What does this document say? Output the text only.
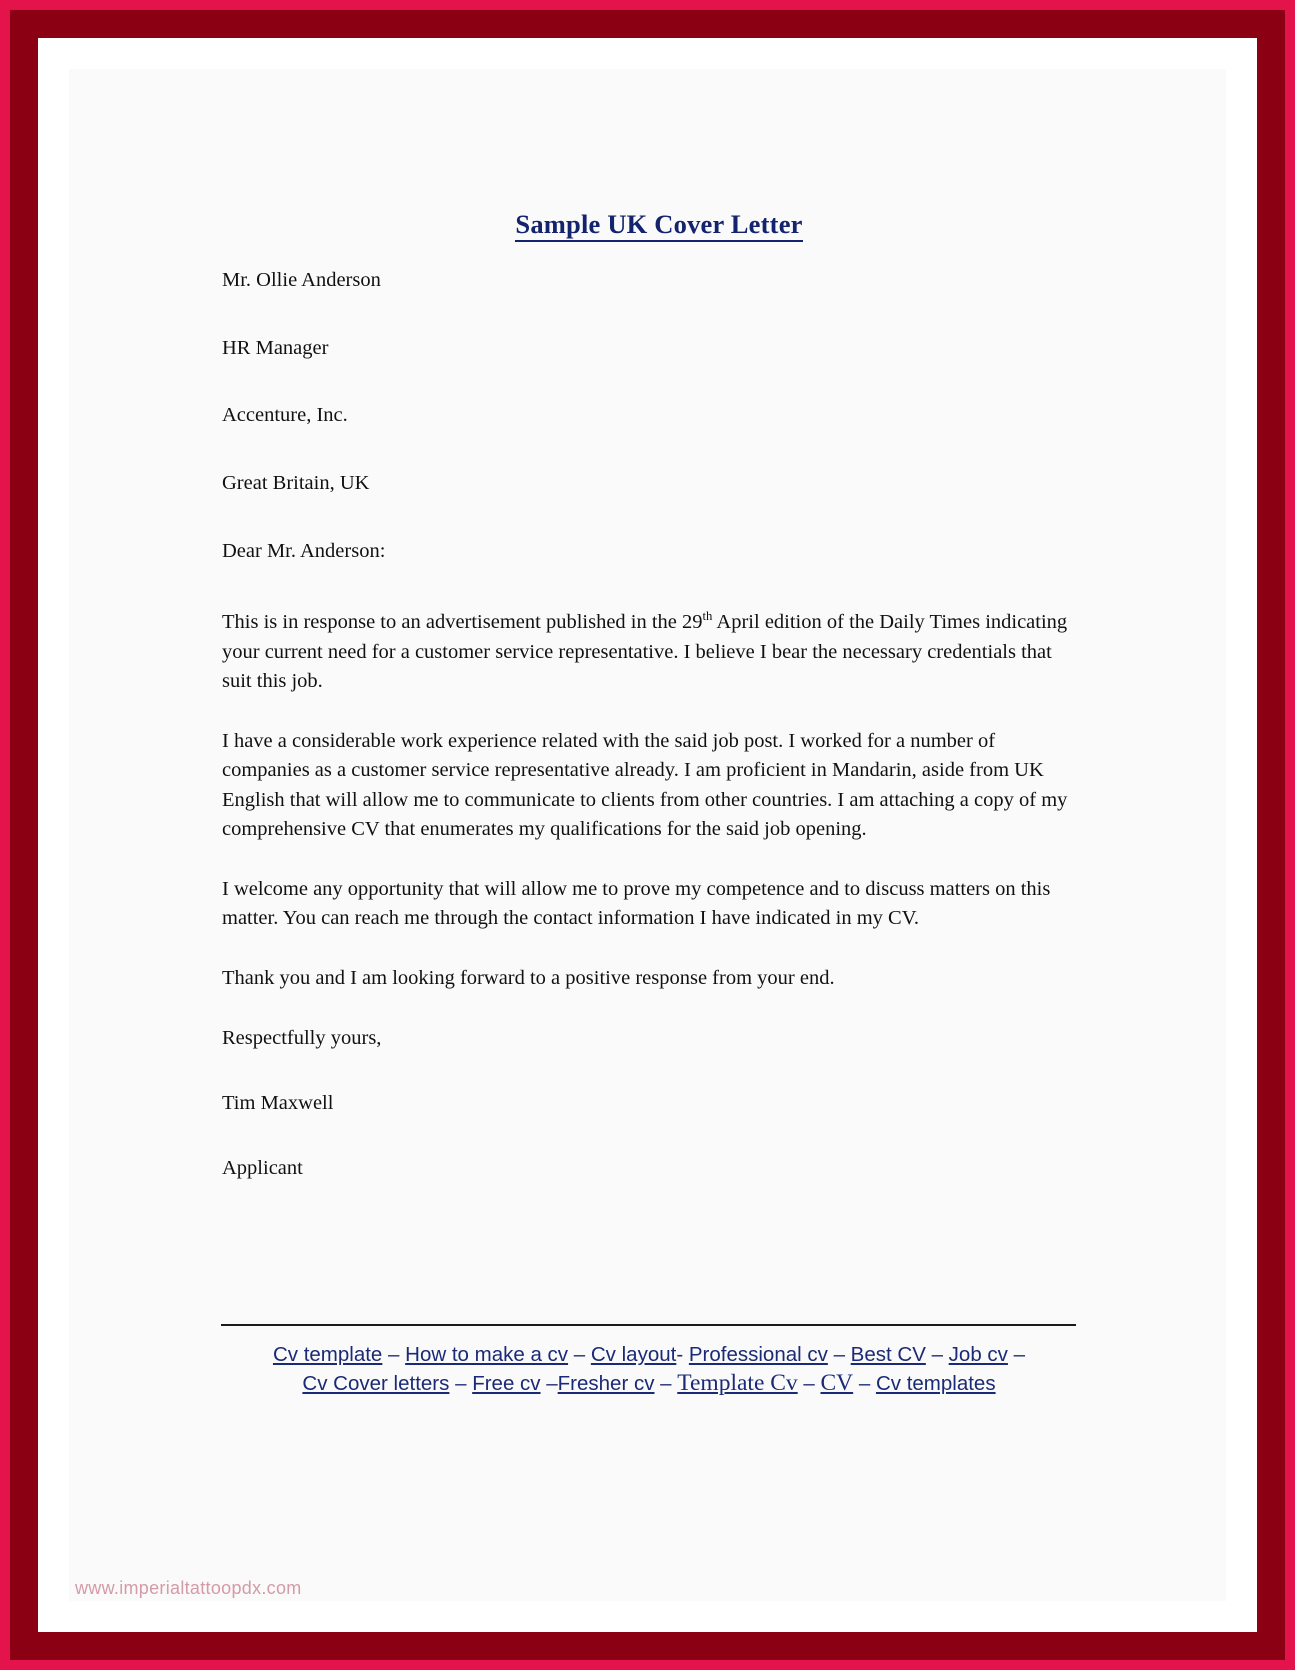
Sample UK Cover Letter

Mr. Ollie Anderson

HR Manager

Accenture, Inc.

Great Britain, UK

Dear Mr. Anderson:

This is in response to an advertisement published in the 29th April edition of the Daily Times indicating your current need for a customer service representative. I believe I bear the necessary credentials that suit this job.

I have a considerable work experience related with the said job post. I worked for a number of companies as a customer service representative already. I am proficient in Mandarin, aside from UK English that will allow me to communicate to clients from other countries. I am attaching a copy of my comprehensive CV that enumerates my qualifications for the said job opening.

I welcome any opportunity that will allow me to prove my competence and to discuss matters on this matter. You can reach me through the contact information I have indicated in my CV.

Thank you and I am looking forward to a positive response from your end.

Respectfully yours,

Tim Maxwell

Applicant

Cv template – How to make a cv – Cv layout- Professional cv – Best CV – Job cv –
Cv Cover letters – Free cv –Fresher cv – Template Cv – CV – Cv templates
www.imperialtattoopdx.com
